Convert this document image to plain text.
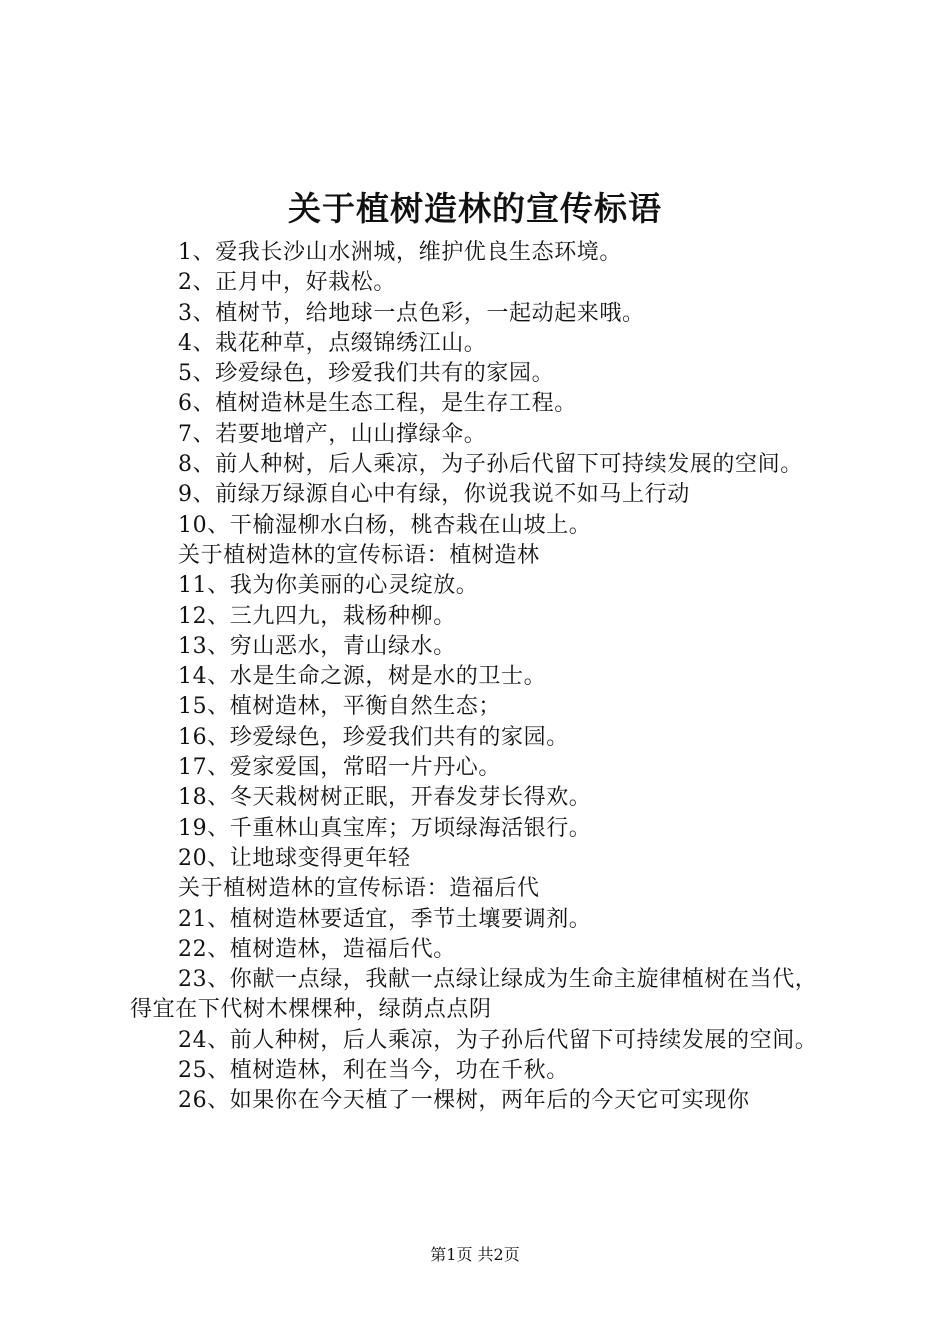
关于植树造林的宣传标语

1、爱我长沙山水洲城，维护优良生态环境。

2、正月中，好栽松。

3、植树节，给地球一点色彩，一起动起来哦。

4、栽花种草，点缀锦绣江山。

5、珍爱绿色，珍爱我们共有的家园。

6、植树造林是生态工程，是生存工程。

7、若要地增产，山山撑绿伞。

8、前人种树，后人乘凉，为子孙后代留下可持续发展的空间。

9、前绿万绿源自心中有绿，你说我说不如马上行动

10、干榆湿柳水白杨，桃杏栽在山坡上。

关于植树造林的宣传标语：植树造林

11、我为你美丽的心灵绽放。

12、三九四九，栽杨种柳。

13、穷山恶水，青山绿水。

14、水是生命之源，树是水的卫士。

15、植树造林，平衡自然生态；

16、珍爱绿色，珍爱我们共有的家园。

17、爱家爱国，常昭一片丹心。

18、冬天栽树树正眠，开春发芽长得欢。

19、千重林山真宝库；万顷绿海活银行。

20、让地球变得更年轻

关于植树造林的宣传标语：造福后代

21、植树造林要适宜，季节土壤要调剂。

22、植树造林，造福后代。

23、你献一点绿，我献一点绿让绿成为生命主旋律植树在当代，得宜在下代树木棵棵种，绿荫点点阴

24、前人种树，后人乘凉，为子孙后代留下可持续发展的空间。

25、植树造林，利在当今，功在千秋。

26、如果你在今天植了一棵树，两年后的今天它可实现你

第1页 共2页
